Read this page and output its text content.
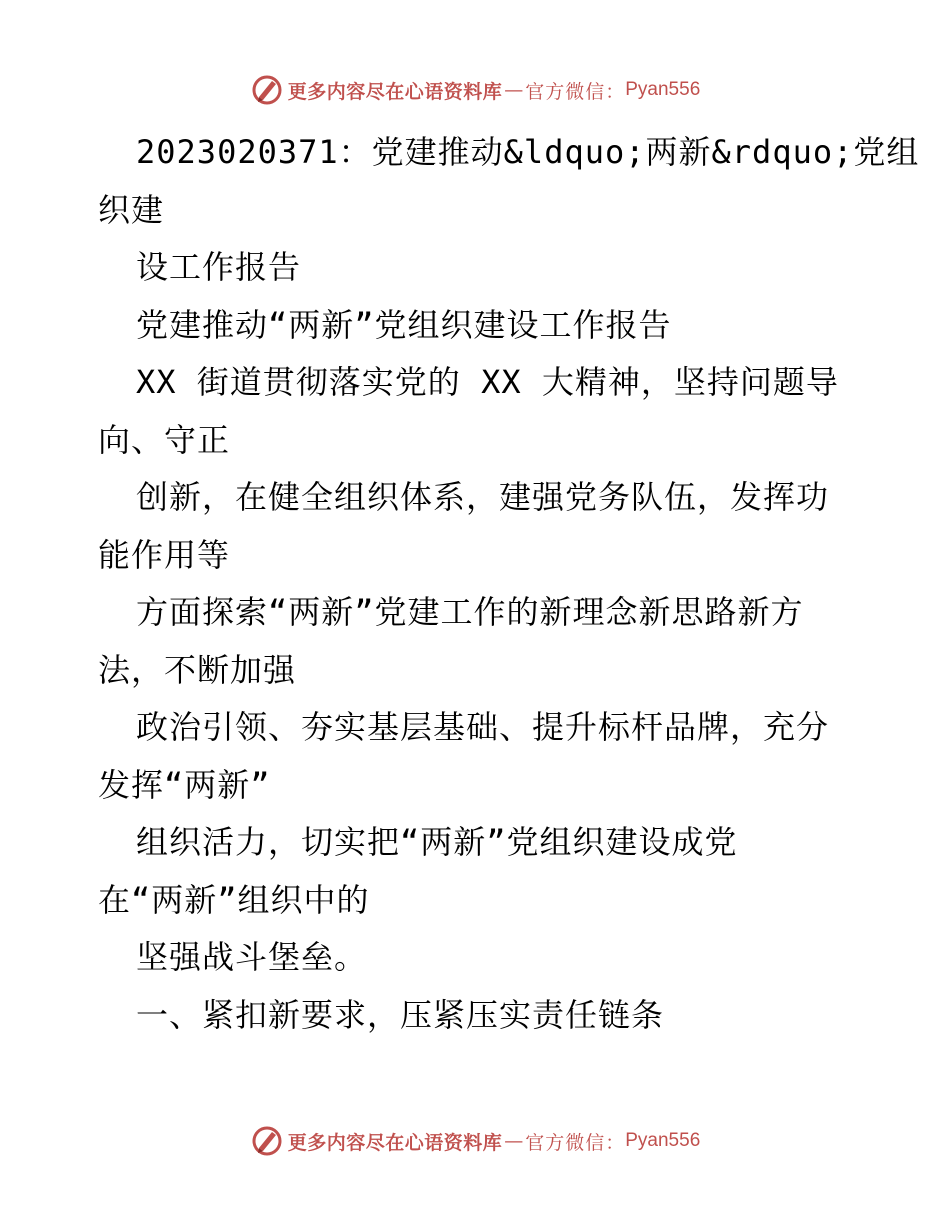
更多内容尽在心语资料库 — 官方微信： Pyan556
2023020371：党建推动&ldquo;两新&rdquo;党组
织建
设工作报告
党建推动“两新”党组织建设工作报告
XX 街道贯彻落实党的 XX 大精神，坚持问题导
向、守正
创新，在健全组织体系，建强党务队伍，发挥功
能作用等
方面探索“两新”党建工作的新理念新思路新方
法，不断加强
政治引领、夯实基层基础、提升标杆品牌，充分
发挥“两新”
组织活力，切实把“两新”党组织建设成党
在“两新”组织中的
坚强战斗堡垒。
一、紧扣新要求，压紧压实责任链条
更多内容尽在心语资料库 — 官方微信： Pyan556
